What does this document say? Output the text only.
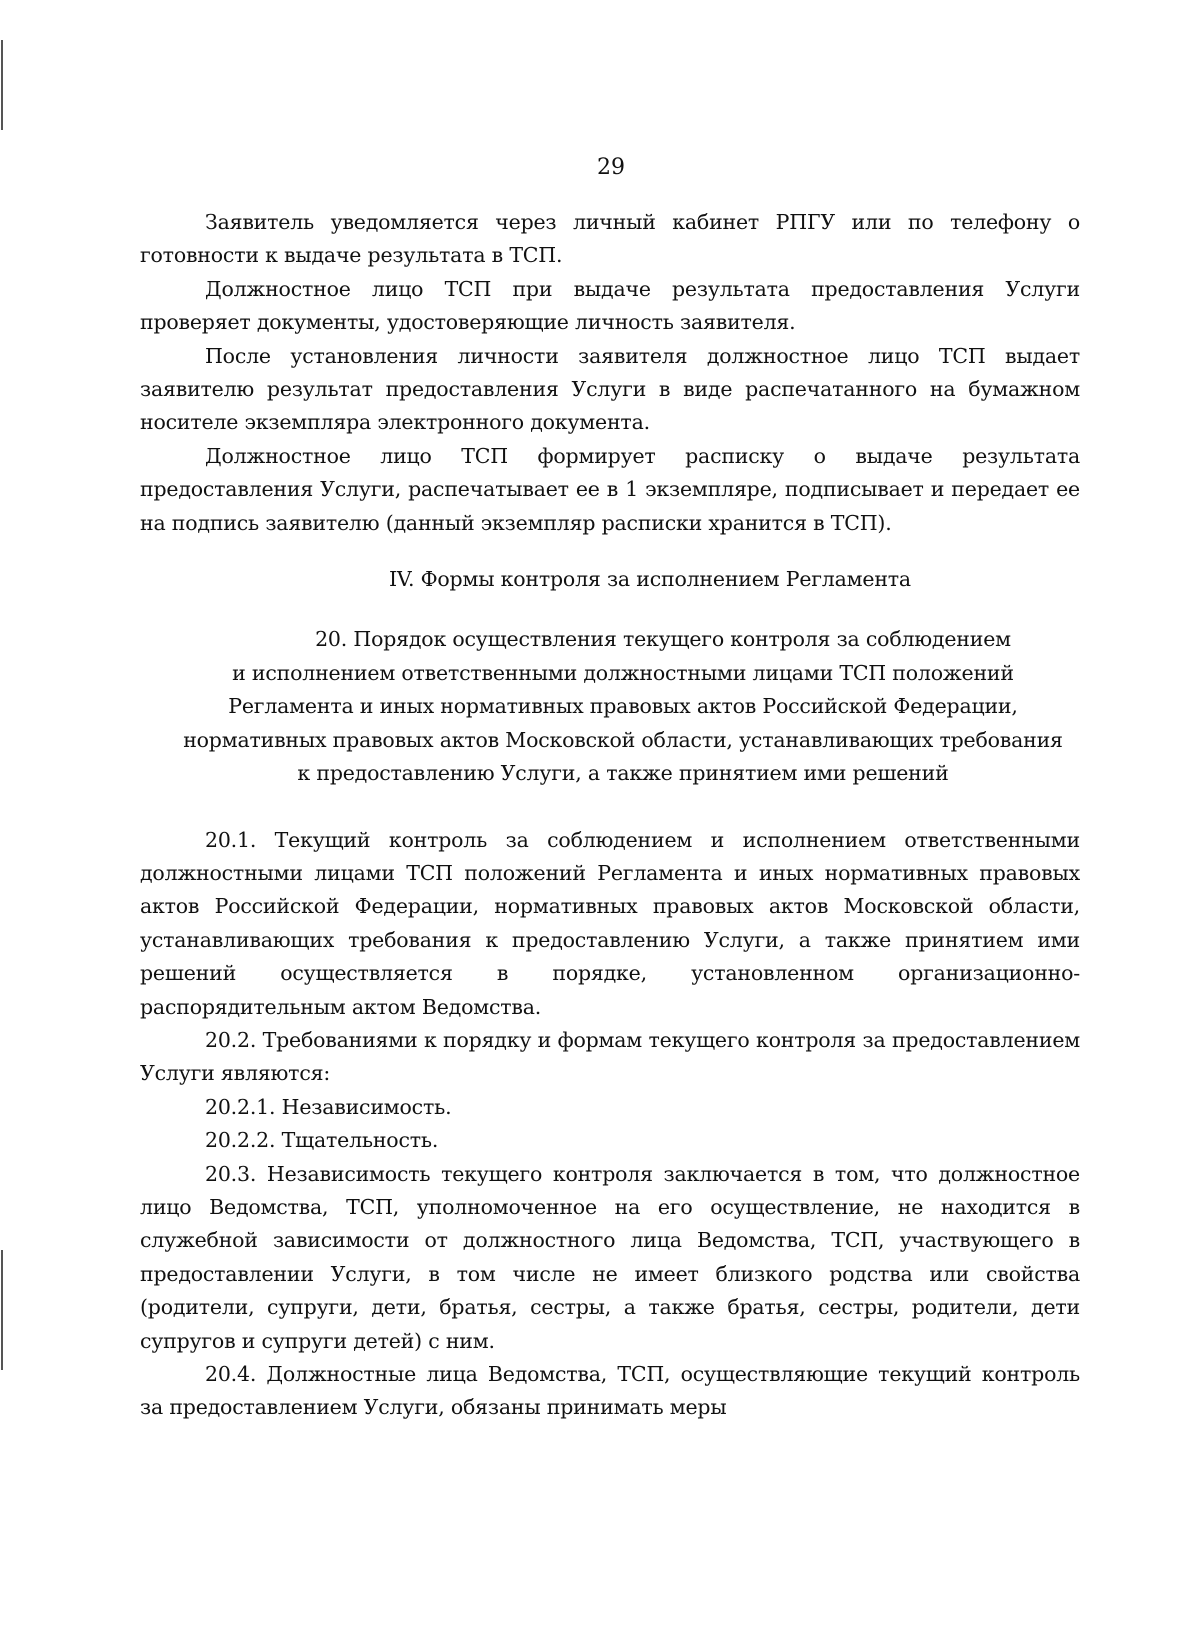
29

Заявитель уведомляется через личный кабинет РПГУ или по телефону о готовности к выдаче результата в ТСП.

Должностное лицо ТСП при выдаче результата предоставления Услуги проверяет документы, удостоверяющие личность заявителя.

После установления личности заявителя должностное лицо ТСП выдает заявителю результат предоставления Услуги в виде распечатанного на бумажном носителе экземпляра электронного документа.

Должностное лицо ТСП формирует расписку о выдаче результата предоставления Услуги, распечатывает ее в 1 экземпляре, подписывает и передает ее на подпись заявителю (данный экземпляр расписки хранится в ТСП).

IV. Формы контроля за исполнением Регламента

20. Порядок осуществления текущего контроля за соблюдением
и исполнением ответственными должностными лицами ТСП положений
Регламента и иных нормативных правовых актов Российской Федерации,
нормативных правовых актов Московской области, устанавливающих требования
к предоставлению Услуги, а также принятием ими решений

20.1. Текущий контроль за соблюдением и исполнением ответственными должностными лицами ТСП положений Регламента и иных нормативных правовых актов Российской Федерации, нормативных правовых актов Московской области, устанавливающих требования к предоставлению Услуги, а также принятием ими решений осуществляется в порядке, установленном организационно-распорядительным актом Ведомства.

20.2. Требованиями к порядку и формам текущего контроля за предоставлением Услуги являются:

20.2.1. Независимость.

20.2.2. Тщательность.

20.3. Независимость текущего контроля заключается в том, что должностное лицо Ведомства, ТСП, уполномоченное на его осуществление, не находится в служебной зависимости от должностного лица Ведомства, ТСП, участвующего в предоставлении Услуги, в том числе не имеет близкого родства или свойства (родители, супруги, дети, братья, сестры, а также братья, сестры, родители, дети супругов и супруги детей) с ним.

20.4. Должностные лица Ведомства, ТСП, осуществляющие текущий контроль за предоставлением Услуги, обязаны принимать меры
